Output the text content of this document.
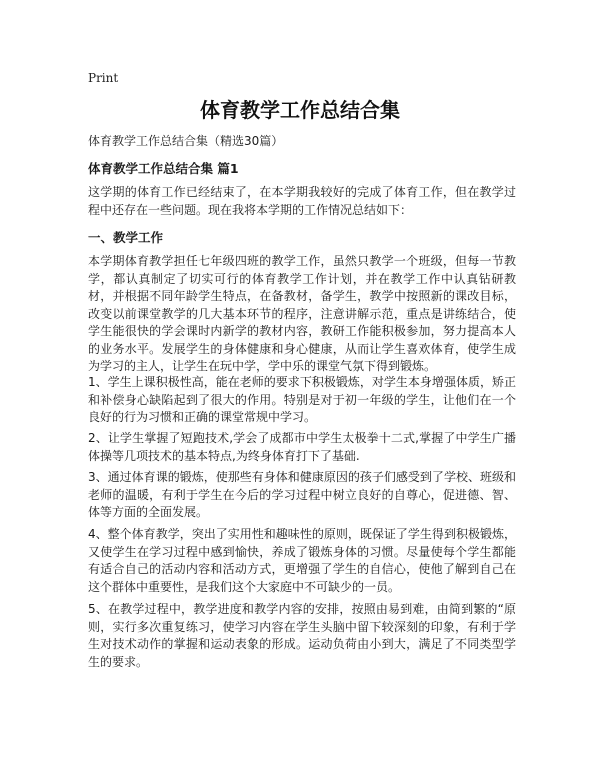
Print
体育教学工作总结合集
体育教学工作总结合集（精选30篇）
体育教学工作总结合集 篇1

这学期的体育工作已经结束了，在本学期我较好的完成了体育工作，但在教学过程中还存在一些问题。现在我将本学期的工作情况总结如下：

一、教学工作

本学期体育教学担任七年级四班的教学工作，虽然只教学一个班级，但每一节教学，都认真制定了切实可行的体育教学工作计划，并在教学工作中认真钻研教材，并根据不同年龄学生特点，在备教材，备学生，教学中按照新的课改目标，改变以前课堂教学的几大基本环节的程序，注意讲解示范，重点是讲练结合，使学生能很快的学会课时内新学的教材内容，教研工作能积极参加，努力提高本人的业务水平。发展学生的身体健康和身心健康，从而让学生喜欢体育，使学生成为学习的主人，让学生在玩中学，学中乐的课堂气氛下得到锻炼。

1、学生上课积极性高，能在老师的要求下积极锻炼，对学生本身增强体质，矫正和补偿身心缺陷起到了很大的作用。特别是对于初一年级的学生，让他们在一个良好的行为习惯和正确的课堂常规中学习。

2、让学生掌握了短跑技术,学会了成都市中学生太极拳十二式,掌握了中学生广播体操等几项技术的基本特点,为终身体育打下了基础.

3、通过体育课的锻炼，使那些有身体和健康原因的孩子们感受到了学校、班级和老师的温暖，有利于学生在今后的学习过程中树立良好的自尊心，促进德、智、体等方面的全面发展。

4、整个体育教学，突出了实用性和趣味性的原则，既保证了学生得到积极锻炼，又使学生在学习过程中感到愉快，养成了锻炼身体的习惯。尽量使每个学生都能有适合自己的活动内容和活动方式，更增强了学生的自信心，使他了解到自己在这个群体中重要性，是我们这个大家庭中不可缺少的一员。

5、在教学过程中，教学进度和教学内容的安排，按照由易到难，由简到繁的“原则，实行多次重复练习，使学习内容在学生头脑中留下较深刻的印象，有利于学生对技术动作的掌握和运动表象的形成。运动负荷由小到大，满足了不同类型学生的要求。
